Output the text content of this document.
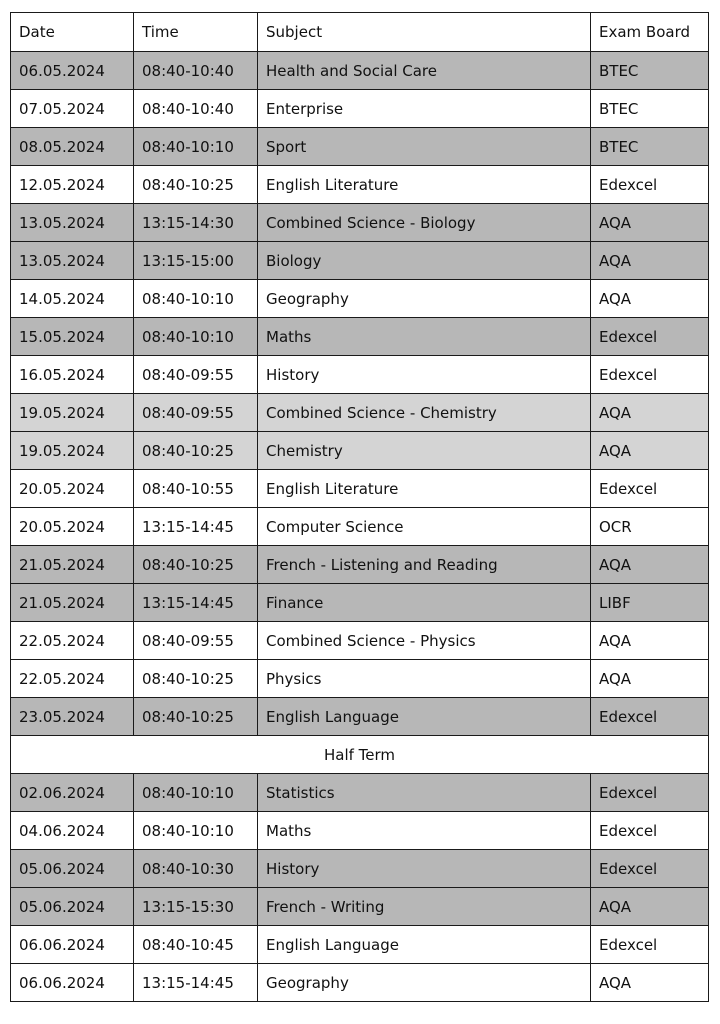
Date	Time	Subject	Exam Board
06.05.2024	08:40-10:40	Health and Social Care	BTEC
07.05.2024	08:40-10:40	Enterprise	BTEC
08.05.2024	08:40-10:10	Sport	BTEC
12.05.2024	08:40-10:25	English Literature	Edexcel
13.05.2024	13:15-14:30	Combined Science - Biology	AQA
13.05.2024	13:15-15:00	Biology	AQA
14.05.2024	08:40-10:10	Geography	AQA
15.05.2024	08:40-10:10	Maths	Edexcel
16.05.2024	08:40-09:55	History	Edexcel
19.05.2024	08:40-09:55	Combined Science - Chemistry	AQA
19.05.2024	08:40-10:25	Chemistry	AQA
20.05.2024	08:40-10:55	English Literature	Edexcel
20.05.2024	13:15-14:45	Computer Science	OCR
21.05.2024	08:40-10:25	French - Listening and Reading	AQA
21.05.2024	13:15-14:45	Finance	LIBF
22.05.2024	08:40-09:55	Combined Science - Physics	AQA
22.05.2024	08:40-10:25	Physics	AQA
23.05.2024	08:40-10:25	English Language	Edexcel
Half Term			
02.06.2024	08:40-10:10	Statistics	Edexcel
04.06.2024	08:40-10:10	Maths	Edexcel
05.06.2024	08:40-10:30	History	Edexcel
05.06.2024	13:15-15:30	French - Writing	AQA
06.06.2024	08:40-10:45	English Language	Edexcel
06.06.2024	13:15-14:45	Geography	AQA
